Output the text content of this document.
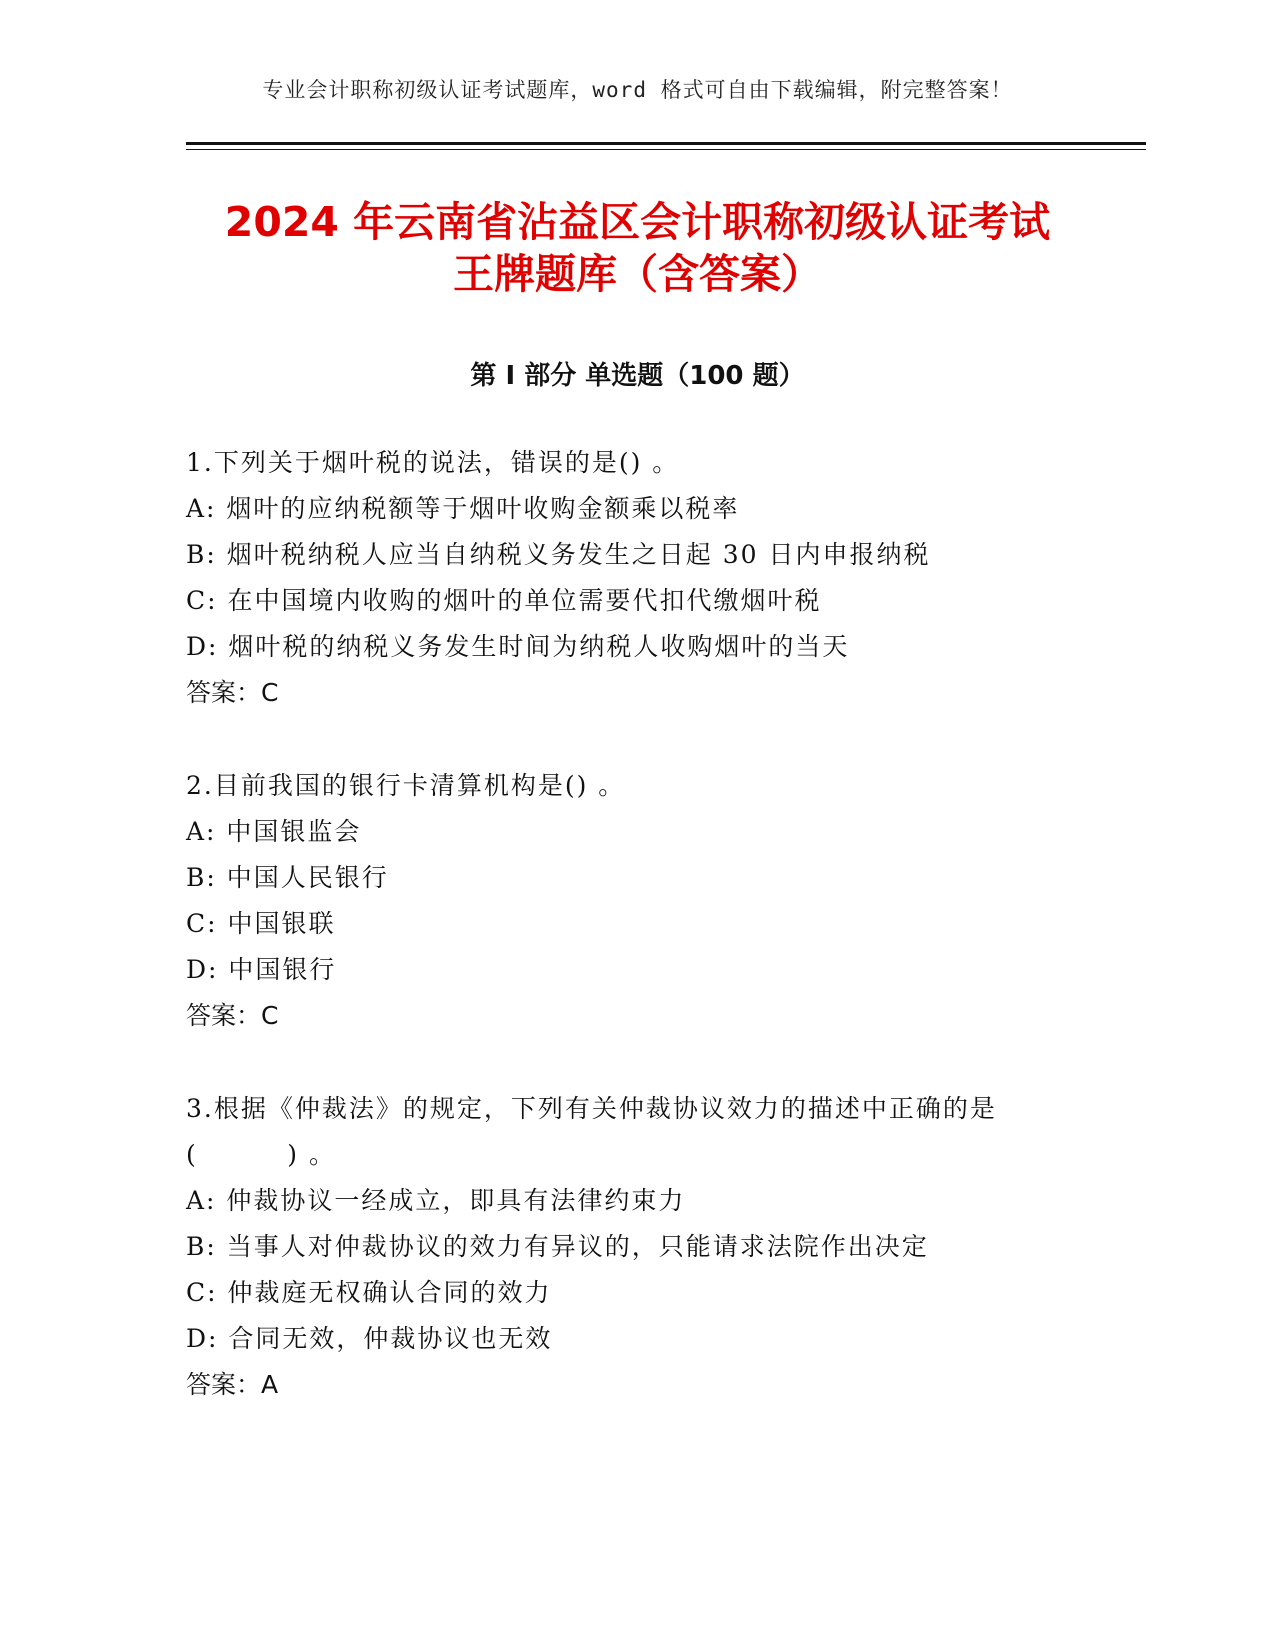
专业会计职称初级认证考试题库，word 格式可自由下载编辑，附完整答案！
2024 年云南省沾益区会计职称初级认证考试
王牌题库（含答案）
第 I 部分 单选题（100 题）
1.下列关于烟叶税的说法，错误的是() 。
A: 烟叶的应纳税额等于烟叶收购金额乘以税率
B: 烟叶税纳税人应当自纳税义务发生之日起 30 日内申报纳税
C: 在中国境内收购的烟叶的单位需要代扣代缴烟叶税
D: 烟叶税的纳税义务发生时间为纳税人收购烟叶的当天
答案：C
2.目前我国的银行卡清算机构是() 。
A: 中国银监会
B: 中国人民银行
C: 中国银联
D: 中国银行
答案：C
3.根据《仲裁法》的规定，下列有关仲裁协议效力的描述中正确的是
(         ) 。
A: 仲裁协议一经成立，即具有法律约束力
B: 当事人对仲裁协议的效力有异议的，只能请求法院作出决定
C: 仲裁庭无权确认合同的效力
D: 合同无效，仲裁协议也无效
答案：A
